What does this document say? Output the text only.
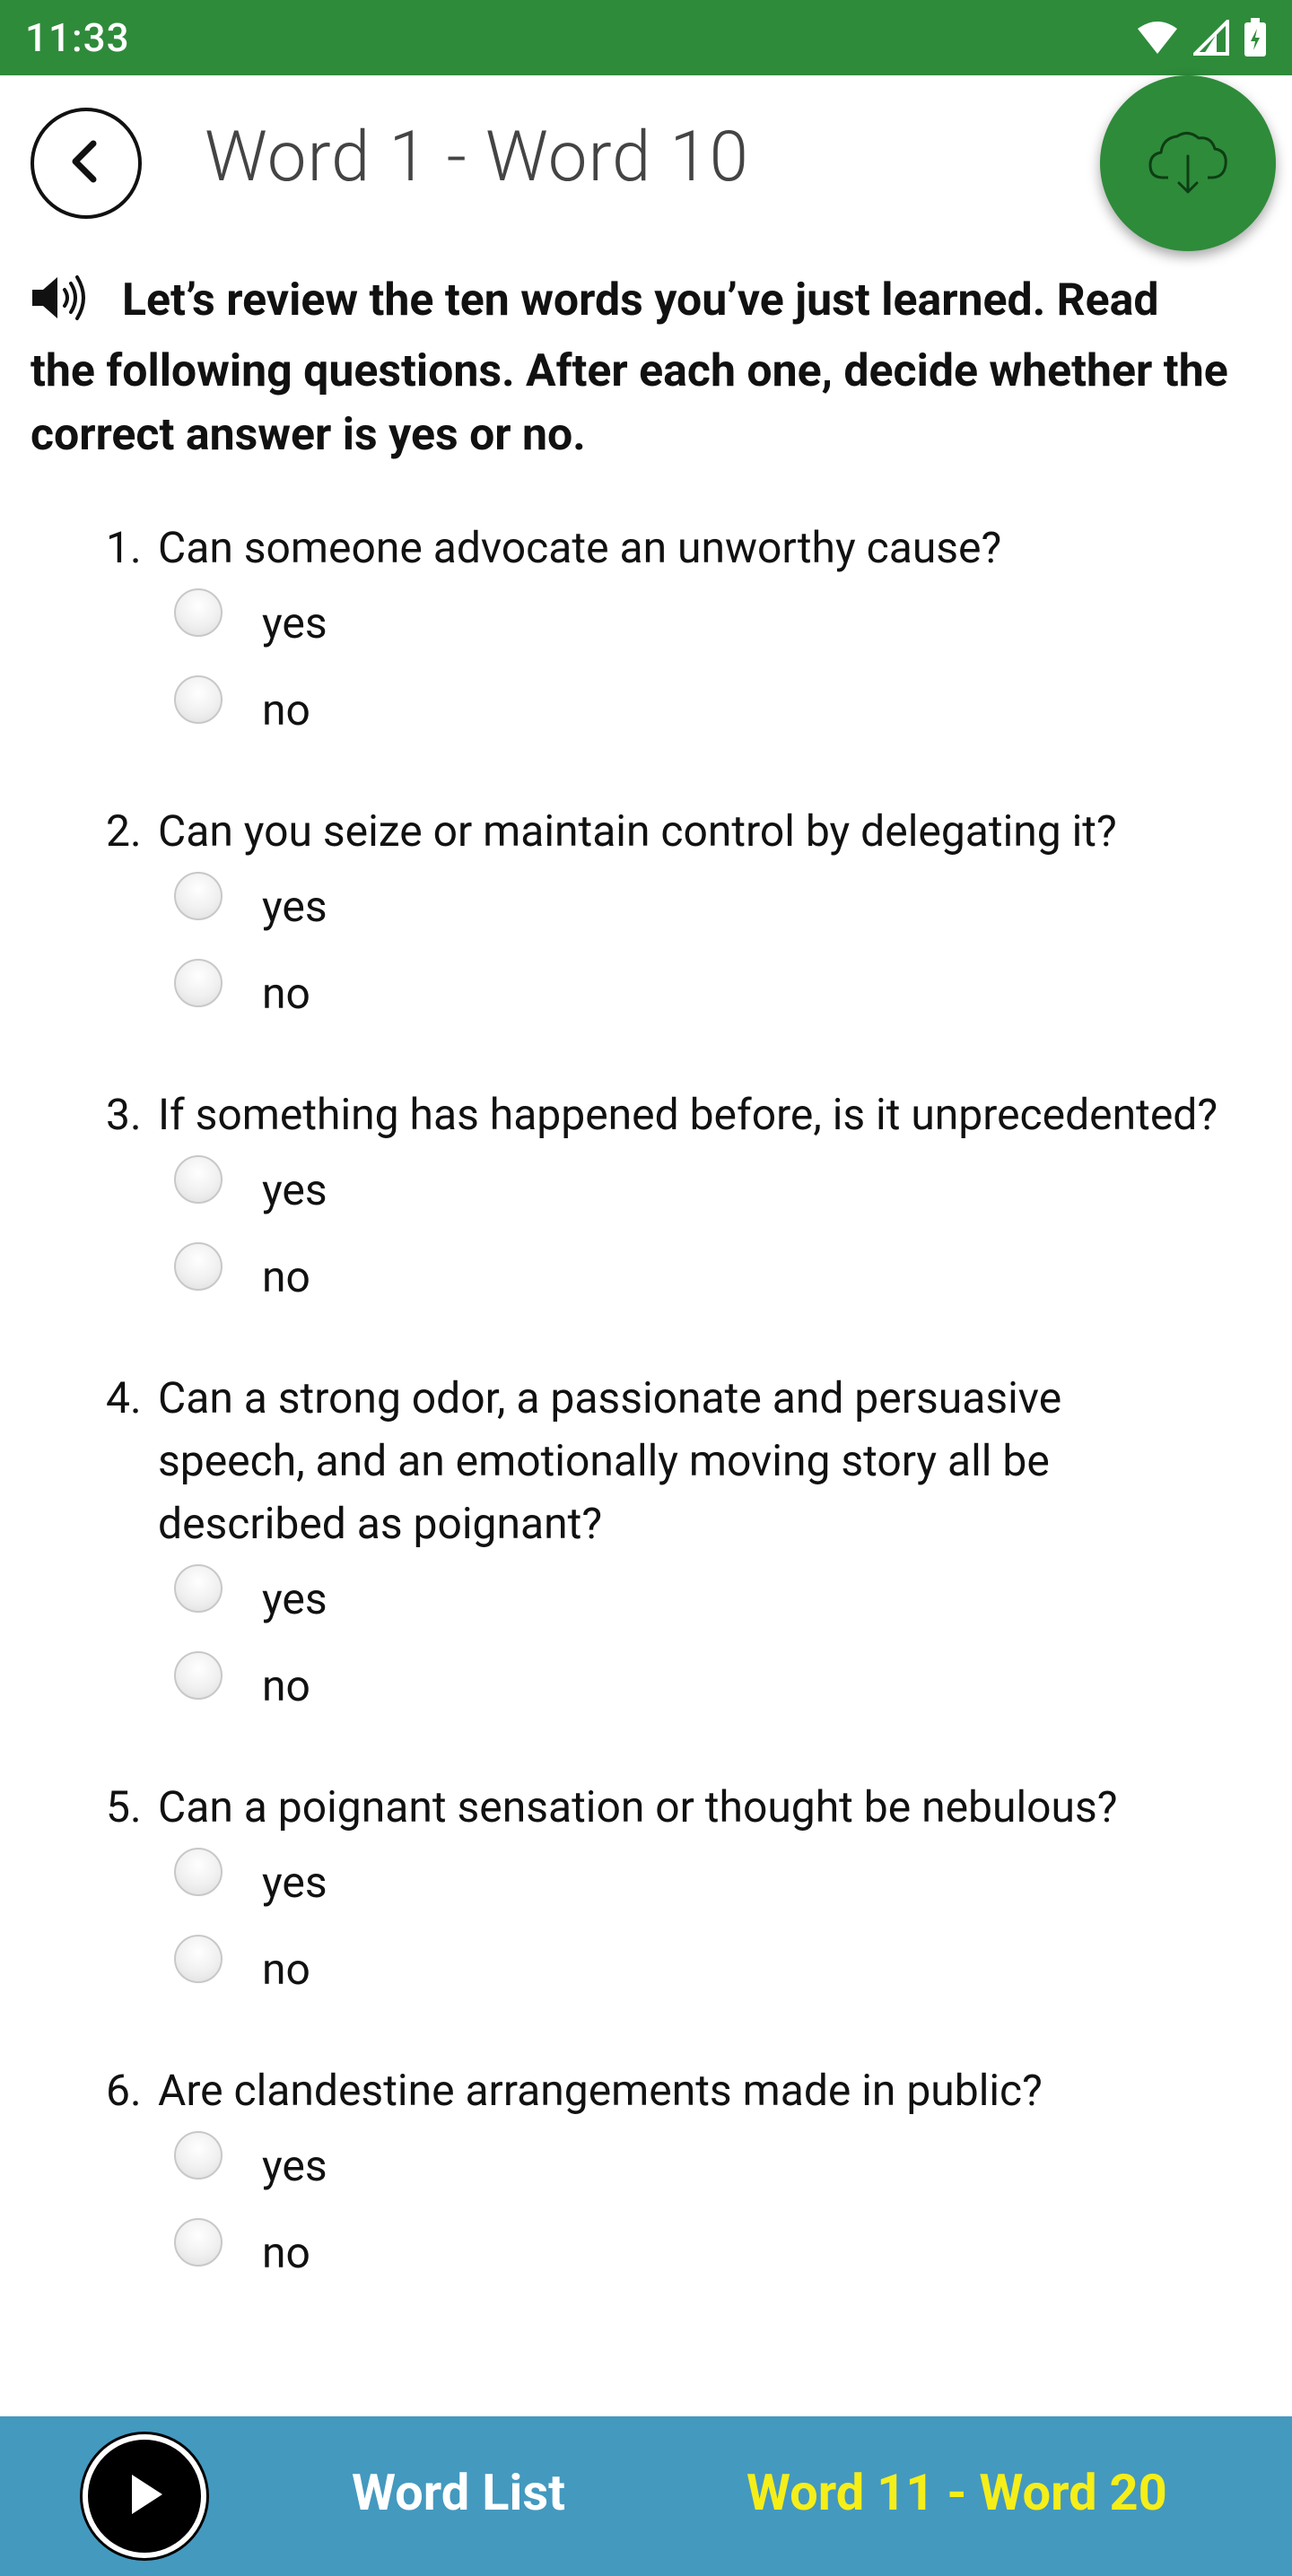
11:33
Word 1 - Word 10
Let’s review the ten words you’ve just learned. Read the following questions. After each one, decide whether the correct answer is yes or no.
1. Can someone advocate an unworthy cause?
yes
no
2. Can you seize or maintain control by delegating it?
yes
no
3. If something has happened before, is it unprecedented?
yes
no
4. Can a strong odor, a passionate and persuasive speech, and an emotionally moving story all be described as poignant?
yes
no
5. Can a poignant sensation or thought be nebulous?
yes
no
6. Are clandestine arrangements made in public?
yes
no
Word List	Word 11 - Word 20
